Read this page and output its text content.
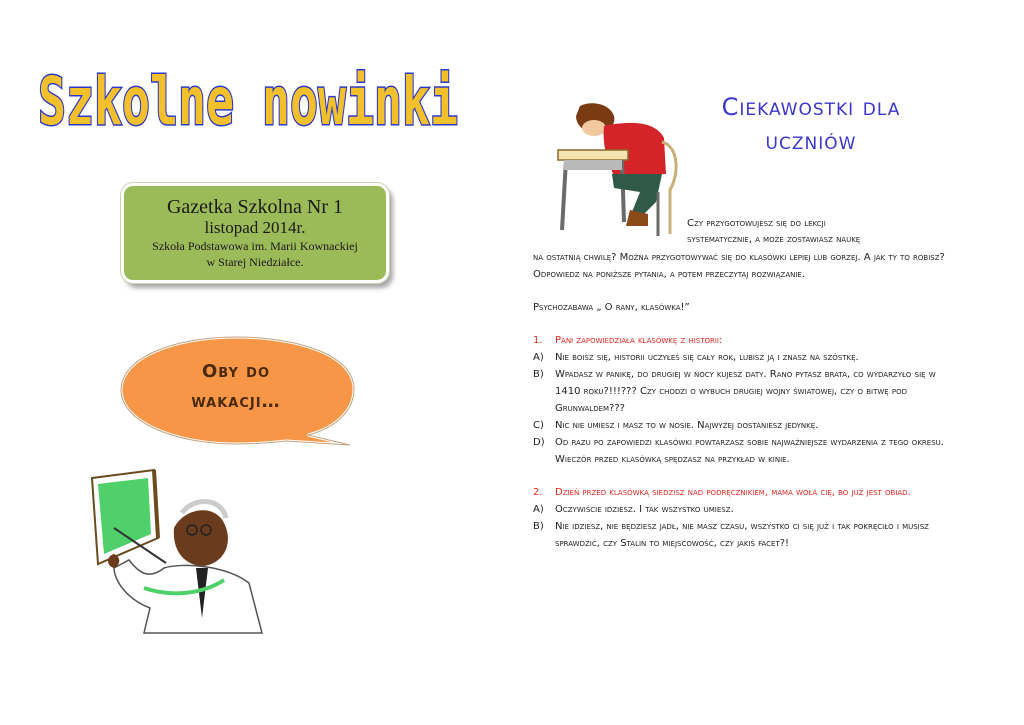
Szkolne nowinki
Gazetka Szkolna Nr 1
listopad 2014r.
Szkoła Podstawowa im. Marii Kownackiej
w Starej Niedziałce.
Oby do
wakacji…
Ciekawostki dla
uczniów
Czy przygotowujesz się do lekcji
systematycznie, a może zostawiasz naukę

na ostatnią chwilę? Można przygotowywać się do klasówki lepiej lub gorzej. A jak ty to robisz? Odpowiedz na poniższe pytania, a potem przeczytaj rozwiązanie.

Psychozabawa „ O rany, klasówka!”

1.	Pani zapowiedziała klasówkę z historii:
A)	Nie boisz się, historii uczyłeś się cały rok, lubisz ją i znasz na szóstkę.
B)	Wpadasz w panikę, do drugiej w nocy kujesz daty. Rano pytasz brata, co wydarzyło się w 1410 roku?!!!??? Czy chodzi o wybuch drugiej wojny światowej, czy o bitwę pod Grunwaldem???
C)	Nic nie umiesz i masz to w nosie. Najwyżej dostaniesz jedynkę.
D)	Od razu po zapowiedzi klasówki powtarzasz sobie najważniejsze wydarzenia z tego okresu. Wieczór przed klasówką spędzasz na przykład w kinie.
2.	Dzień przed klasówką siedzisz nad podręcznikiem, mama woła cię, bo już jest obiad.
A)	Oczywiście idziesz. I tak wszystko umiesz.
B)	Nie idziesz, nie będziesz jadł, nie masz czasu, wszystko ci się już i tak pokręciło i musisz sprawdzić, czy Stalin to miejscowość, czy jakiś facet?!
